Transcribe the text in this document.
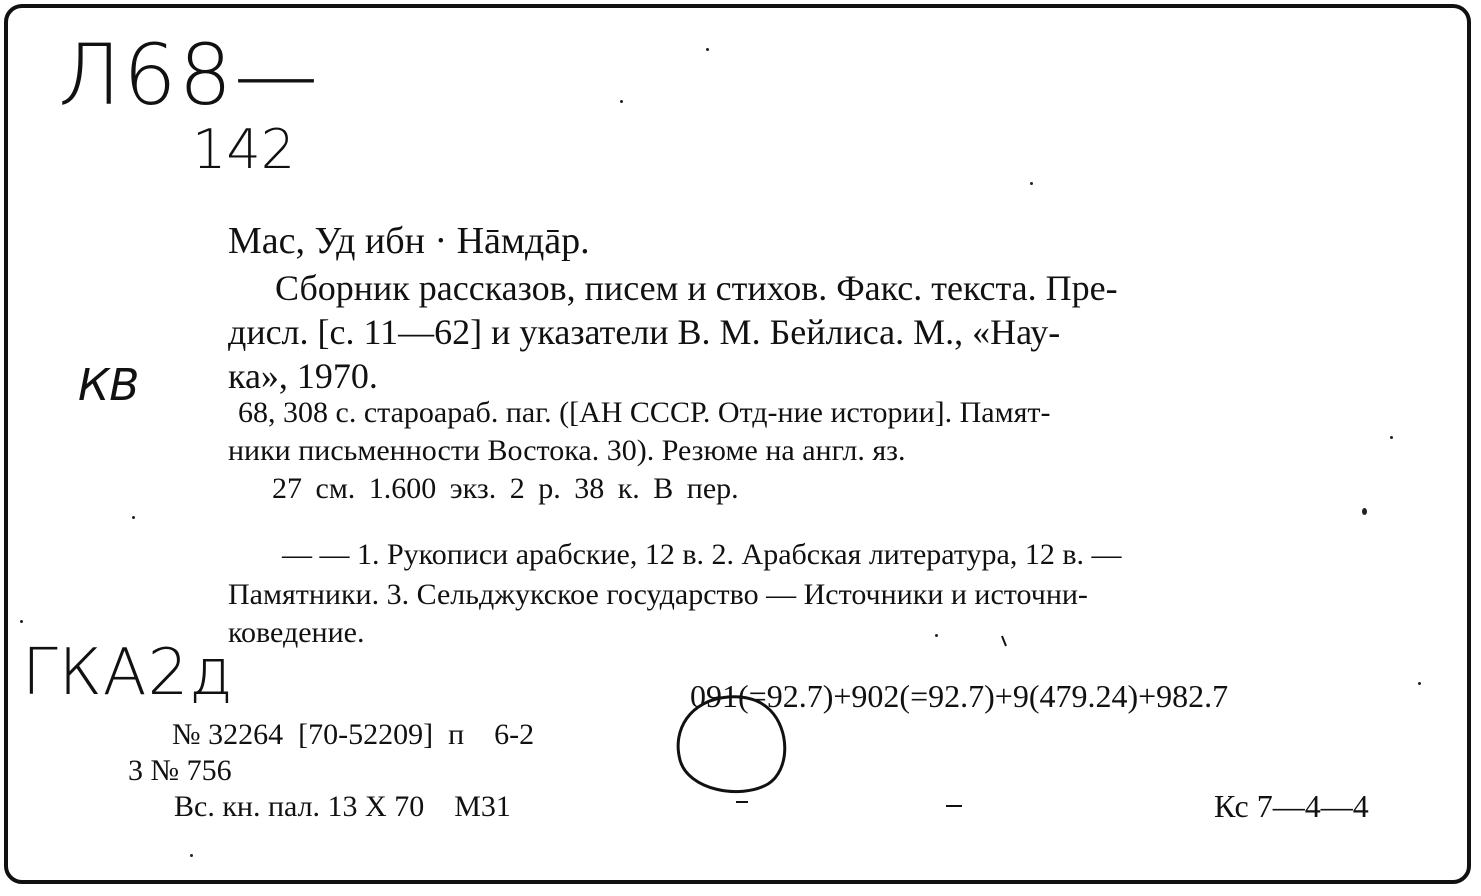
Л68—
142
КВ
ГКА2д
Мас, Уд ибн · Нāмдāр.
Сборник рассказов, писем и стихов. Факс. текста. Пре-
дисл. [с. 11—62] и указатели В. М. Бейлиса. М., «Нау-
ка», 1970.
68, 308 с. староараб. паг. ([АН СССР. Отд-ние истории]. Памят-
ники письменности Востока. 30). Резюме на англ. яз.
27 см. 1.600 экз. 2 р. 38 к. В пер.
— — 1. Рукописи арабские, 12 в. 2. Арабская литература, 12 в. —
Памятники. 3. Сельджукское государство — Источники и источни-
коведение.
091(=92.7)+902(=92.7)+9(479.24)+982.7
№ 32264  [70-52209]  п    6-2
3 № 756
Вс. кн. пал. 13 Х 70    М31	Кс 7—4—4
